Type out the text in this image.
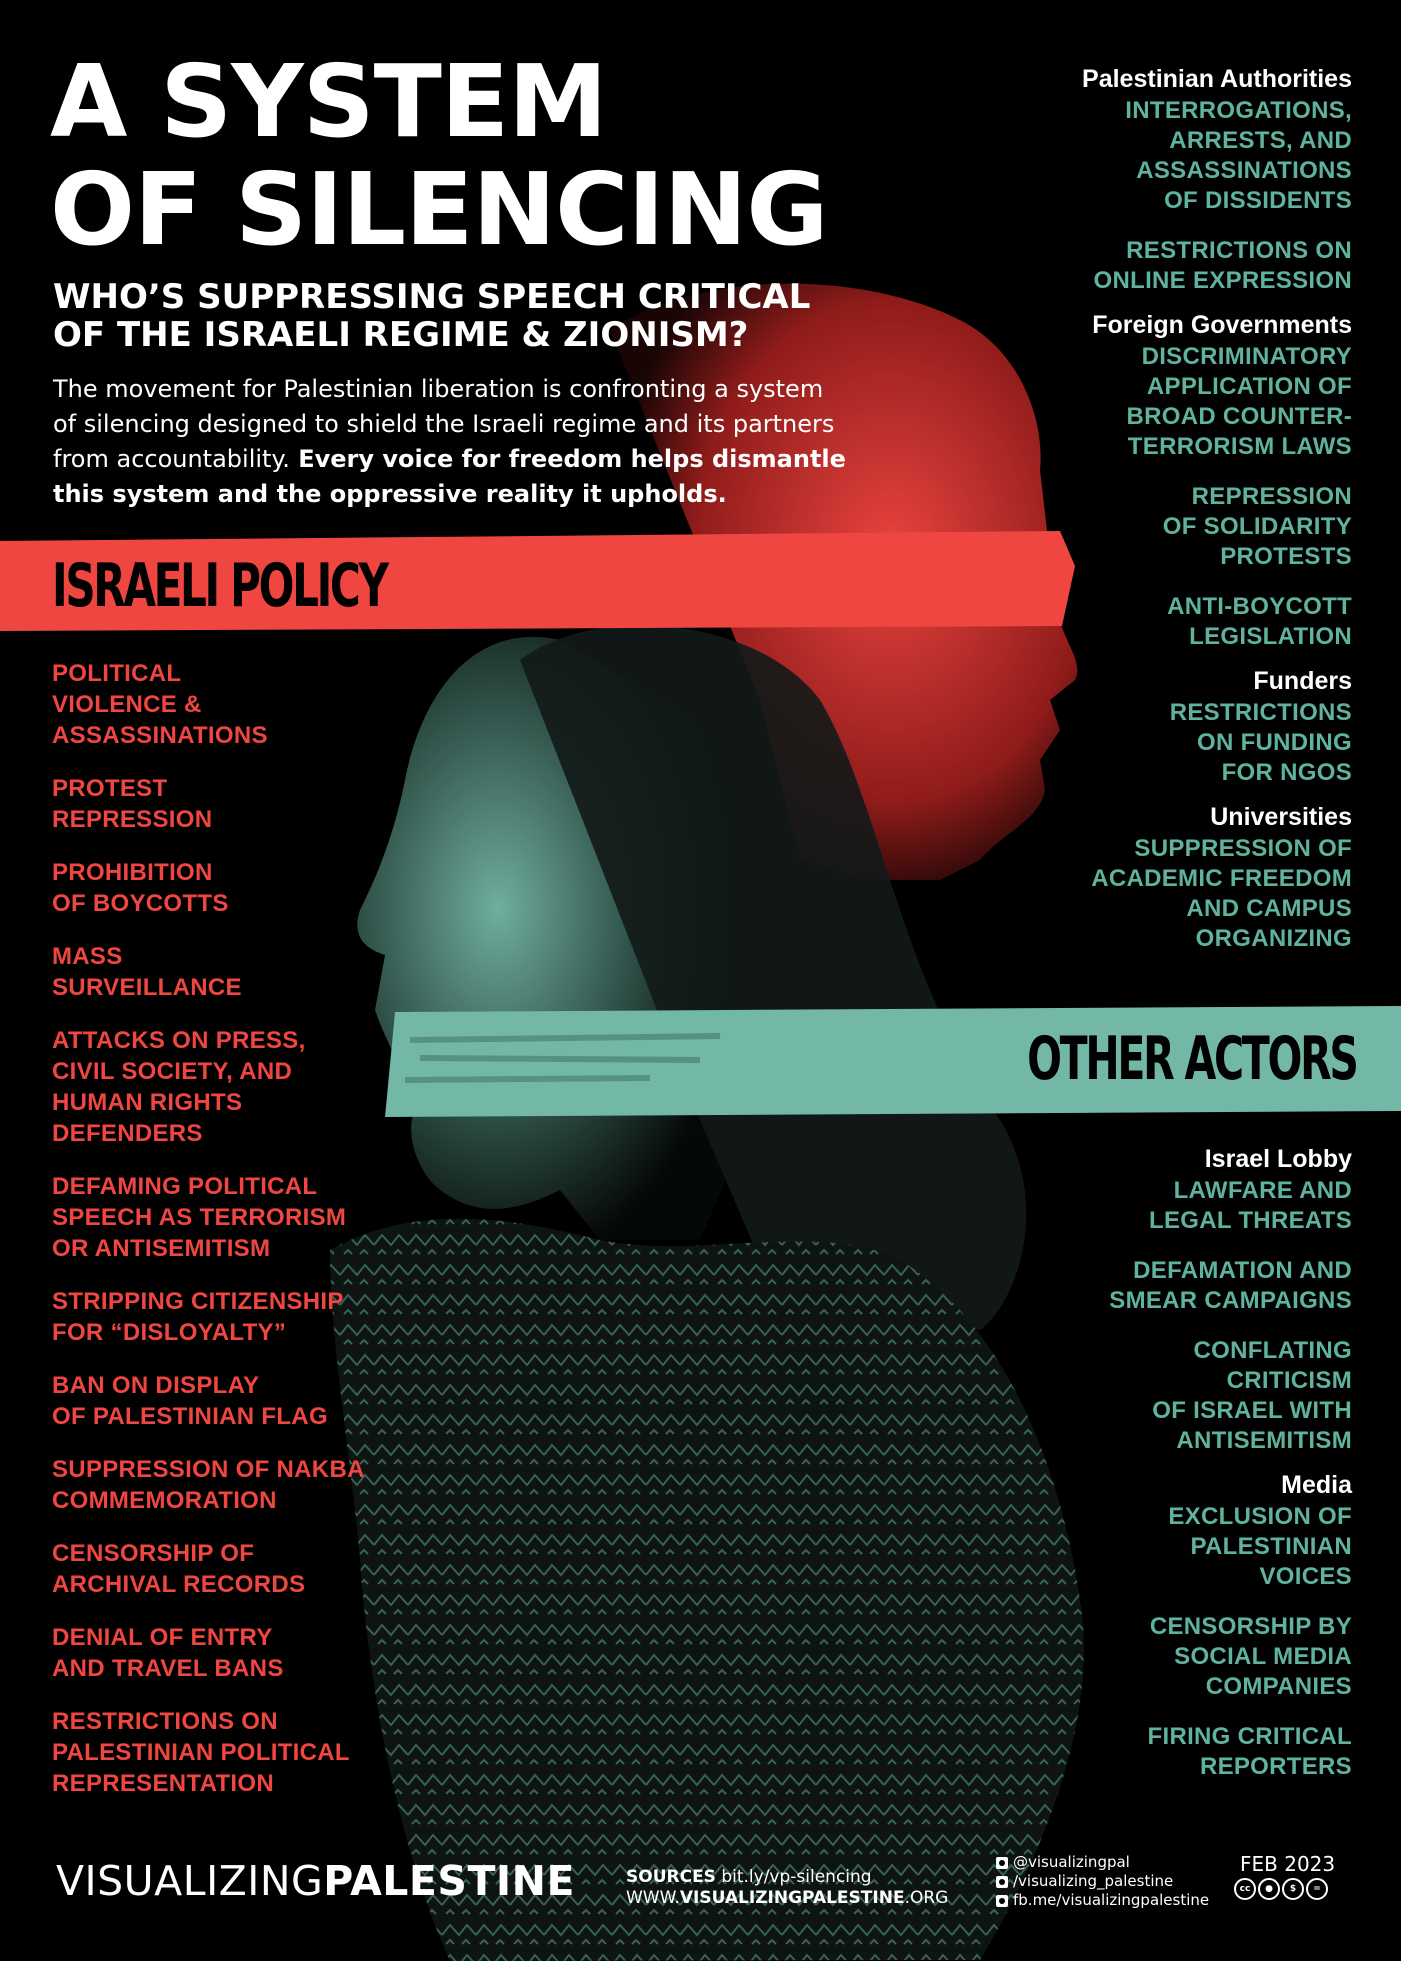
A SYSTEM
OF SILENCING
WHO’S SUPPRESSING SPEECH CRITICAL
OF THE ISRAELI REGIME & ZIONISM?

The movement for Palestinian liberation is confronting a system
of silencing designed to shield the Israeli regime and its partners
from accountability. Every voice for freedom helps dismantle
this system and the oppressive reality it upholds.

ISRAELI POLICY
OTHER ACTORS
POLITICAL
VIOLENCE &
ASSASSINATIONS
PROTEST
REPRESSION
PROHIBITION
OF BOYCOTTS
MASS
SURVEILLANCE
ATTACKS ON PRESS,
CIVIL SOCIETY, AND
HUMAN RIGHTS
DEFENDERS
DEFAMING POLITICAL
SPEECH AS TERRORISM
OR ANTISEMITISM
STRIPPING CITIZENSHIP
FOR “DISLOYALTY”
BAN ON DISPLAY
OF PALESTINIAN FLAG
SUPPRESSION OF NAKBA
COMMEMORATION
CENSORSHIP OF
ARCHIVAL RECORDS
DENIAL OF ENTRY
AND TRAVEL BANS
RESTRICTIONS ON
PALESTINIAN POLITICAL
REPRESENTATION
Palestinian Authorities
INTERROGATIONS,
ARRESTS, AND
ASSASSINATIONS
OF DISSIDENTS
RESTRICTIONS ON
ONLINE EXPRESSION
Foreign Governments
DISCRIMINATORY
APPLICATION OF
BROAD COUNTER-
TERRORISM LAWS
REPRESSION
OF SOLIDARITY
PROTESTS
ANTI-BOYCOTT
LEGISLATION
Funders
RESTRICTIONS
ON FUNDING
FOR NGOS
Universities
SUPPRESSION OF
ACADEMIC FREEDOM
AND CAMPUS
ORGANIZING
Israel Lobby
LAWFARE AND
LEGAL THREATS
DEFAMATION AND
SMEAR CAMPAIGNS
CONFLATING
CRITICISM
OF ISRAEL WITH
ANTISEMITISM
Media
EXCLUSION OF
PALESTINIAN
VOICES
CENSORSHIP BY
SOCIAL MEDIA
COMPANIES
FIRING CRITICAL
REPORTERS
VISUALIZINGPALESTINE	SOURCES bit.ly/vp-silencing
WWW.VISUALIZINGPALESTINE.ORG
@visualizingpal
/visualizing_palestine
fb.me/visualizingpalestine
FEB 2023
cc	●	$	=
